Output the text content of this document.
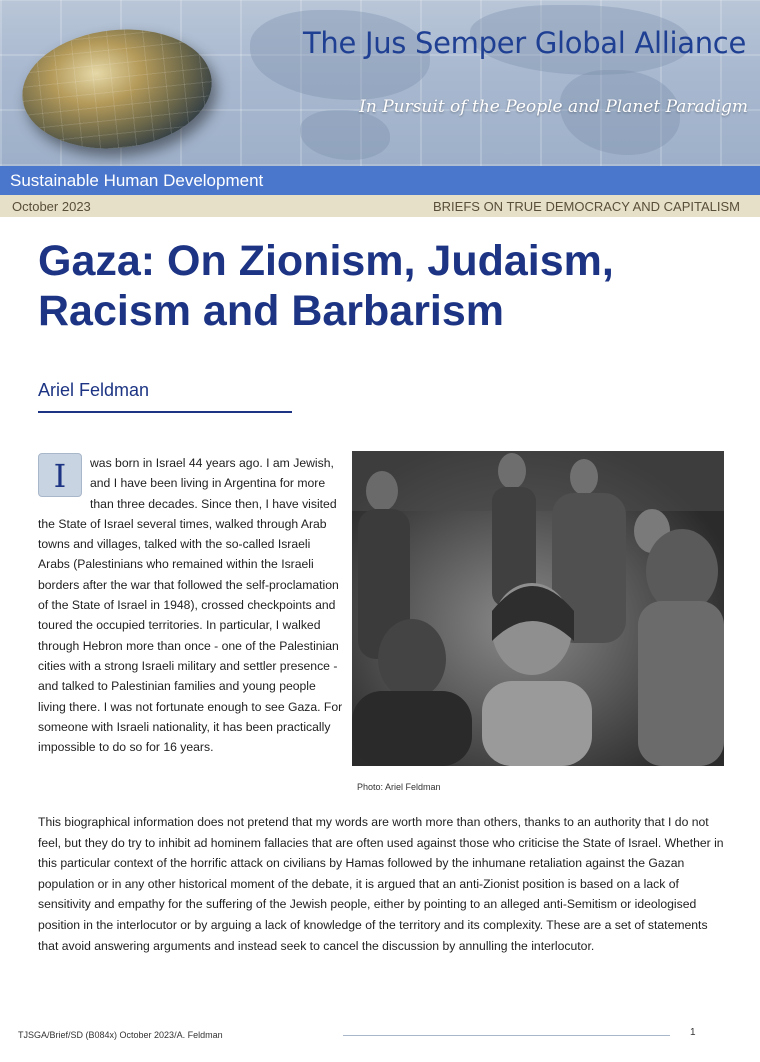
The Jus Semper Global Alliance
In Pursuit of the People and Planet Paradigm
Sustainable Human Development
October 2023	BRIEFS ON TRUE DEMOCRACY AND CAPITALISM
Gaza: On Zionism, Judaism,
Racism and Barbarism
Ariel Feldman
I	was born in Israel 44 years ago. I am Jewish, and I have been living in Argentina for more than three decades. Since then, I have visited the State of Israel several times, walked through Arab towns and villages, talked with the so-called Israeli Arabs (Palestinians who remained within the Israeli borders after the war that followed the self-proclamation of the State of Israel in 1948), crossed checkpoints and toured the occupied territories. In particular, I walked through Hebron more than once - one of the Palestinian cities with a strong Israeli military and settler presence - and talked to Palestinian families and young people living there. I was not fortunate enough to see Gaza. For someone with Israeli nationality, it has been practically impossible to do so for 16 years.
Photo: Ariel Feldman
This biographical information does not pretend that my words are worth more than others, thanks to an authority that I do not feel, but they do try to inhibit ad hominem fallacies that are often used against those who criticise the State of Israel. Whether in this particular context of the horrific attack on civilians by Hamas followed by the inhumane retaliation against the Gazan population or in any other historical moment of the debate, it is argued that an anti-Zionist position is based on a lack of sensitivity and empathy for the suffering of the Jewish people, either by pointing to an alleged anti-Semitism or ideologised position in the interlocutor or by arguing a lack of knowledge of the territory and its complexity. These are a set of statements that avoid answering arguments and instead seek to cancel the discussion by annulling the interlocutor.
TJSGA/Brief/SD (B084x) October 2023/A. Feldman	1
